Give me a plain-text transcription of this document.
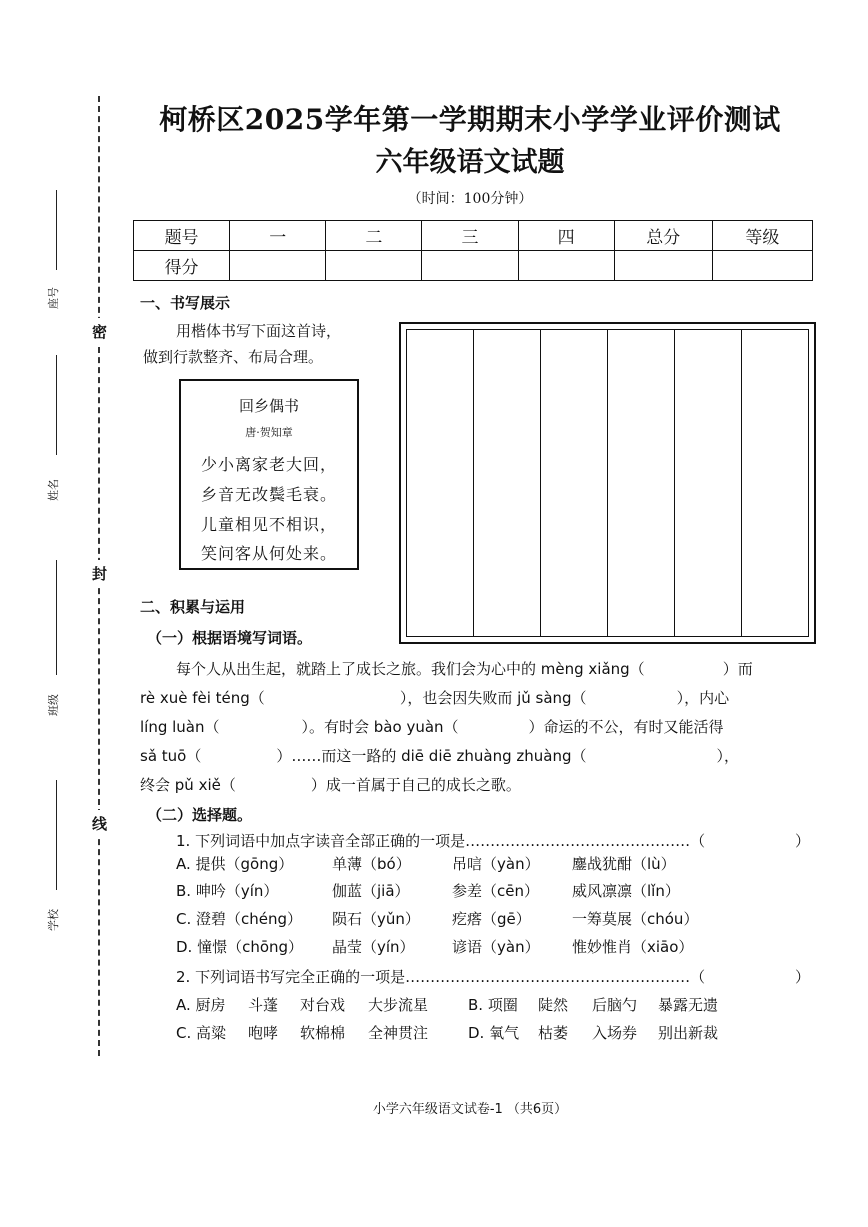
密
封
线
座号
姓名
班级
学校
柯桥区2025学年第一学期期末小学学业评价测试
六年级语文试题
（时间：100分钟）
题号	一	二	三	四	总分	等级
得分						
一、书写展示
用楷体书写下面这首诗，
做到行款整齐、布局合理。
回乡偶书
唐·贺知章
少小离家老大回，
乡音无改鬓毛衰。
儿童相见不相识，
笑问客从何处来。
二、积累与运用
（一）根据语境写词语。
每个人从出生起，就踏上了成长之旅。我们会为心中的 mèng xiǎng（	）而
rè xuè fèi téng（	），也会因失败而 jǔ sàng（	），内心
líng luàn（	）。有时会 bào yuàn（	）命运的不公，有时又能活得
sǎ tuō（	）……而这一路的 diē diē zhuàng zhuàng（	），
终会 pǔ xiě（	）成一首属于自己的成长之歌。
（二）选择题。
1. 下列词语中加点字读音全部正确的一项是………………………………………（	）
A. 提供（gōng）	单薄（bó）	吊唁（yàn） 鏖战犹酣（lù）
B. 呻吟（yín）	伽蓝（jiā）	参差（cēn） 威风凛凛（lǐn）
C. 澄碧（chéng） 陨石（yǔn） 疙瘩（gē）	一筹莫展（chóu）
D. 憧憬（chōng） 晶莹（yín） 谚语（yàn） 惟妙惟肖（xiāo）
2. 下列词语书写完全正确的一项是…………………………………………………（	）
A. 厨房 斗蓬 对台戏 大步流星	B. 项圈 陡然 后脑勺 暴露无遗
C. 高粱 咆哮 软棉棉 全神贯注	D. 氧气 枯萎 入场券 别出新裁
小学六年级语文试卷-1 （共6页）
